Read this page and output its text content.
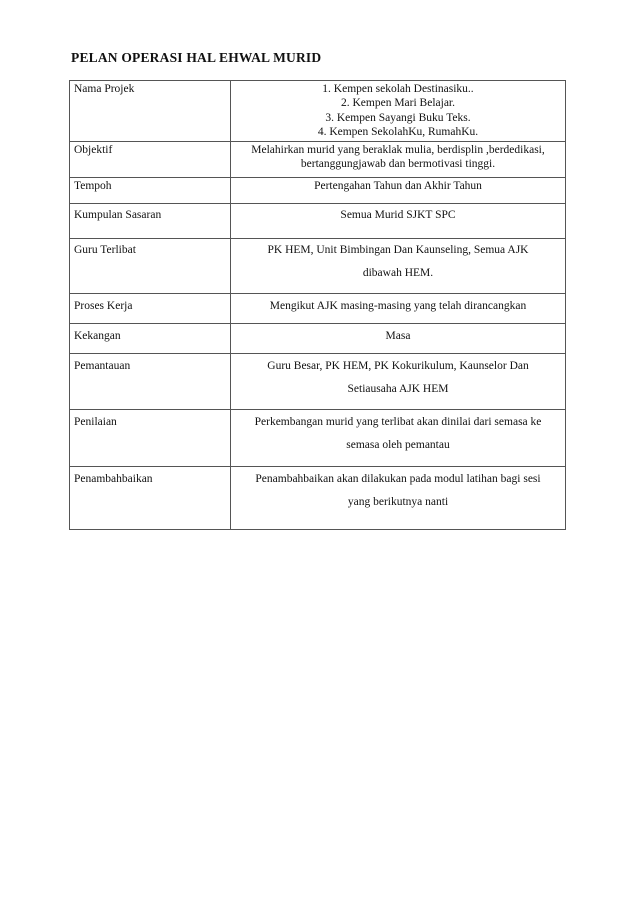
PELAN OPERASI HAL EHWAL MURID
Nama Projek	1. Kempen sekolah Destinasiku..
2. Kempen Mari Belajar.
3. Kempen Sayangi Buku Teks.
4. Kempen SekolahKu, RumahKu.

Objektif	Melahirkan murid yang beraklak mulia, berdisplin ,berdedikasi,
bertanggungjawab dan bermotivasi tinggi.

Tempoh	Pertengahan Tahun dan Akhir Tahun

Kumpulan Sasaran	Semua Murid SJKT SPC

Guru Terlibat	PK HEM, Unit Bimbingan Dan Kaunseling, Semua AJK
dibawah HEM.

Proses Kerja	Mengikut AJK masing-masing yang telah dirancangkan

Kekangan	Masa

Pemantauan	Guru Besar, PK HEM, PK Kokurikulum, Kaunselor Dan
Setiausaha AJK HEM

Penilaian	Perkembangan murid yang terlibat akan dinilai dari semasa ke
semasa oleh pemantau

Penambahbaikan	Penambahbaikan akan dilakukan pada modul latihan bagi sesi
yang berikutnya nanti
